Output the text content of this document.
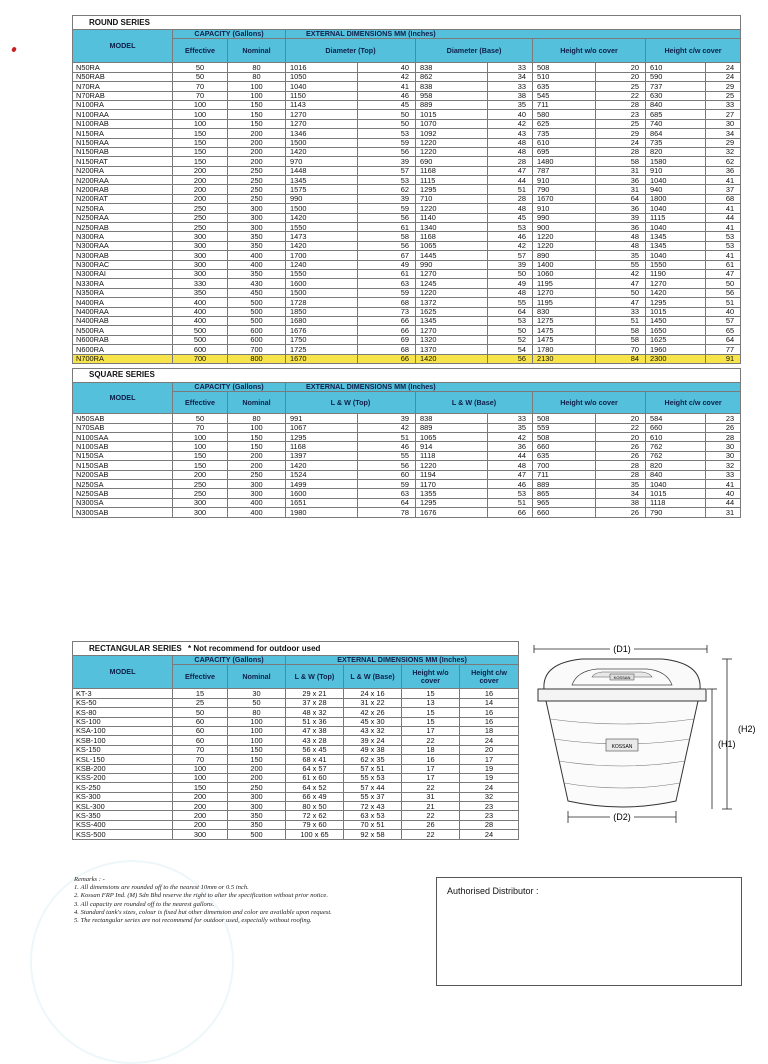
ROUND SERIES										
MODEL	CAPACITY (Gallons)		EXTERNAL DIMENSIONS MM (Inches)							
	Effective	Nominal	Diameter (Top)		Diameter (Base)		Height w/o cover		Height c/w cover	
N50RA	50	80	1016	40	838	33	508	20	610	24
N50RAB	50	80	1050	42	862	34	510	20	590	24
N70RA	70	100	1040	41	838	33	635	25	737	29
N70RAB	70	100	1150	46	958	38	545	22	630	25
N100RA	100	150	1143	45	889	35	711	28	840	33
N100RAA	100	150	1270	50	1015	40	580	23	685	27
N100RAB	100	150	1270	50	1070	42	625	25	740	30
N150RA	150	200	1346	53	1092	43	735	29	864	34
N150RAA	150	200	1500	59	1220	48	610	24	735	29
N150RAB	150	200	1420	56	1220	48	695	28	820	32
N150RAT	150	200	970	39	690	28	1480	58	1580	62
N200RA	200	250	1448	57	1168	47	787	31	910	36
N200RAA	200	250	1345	53	1115	44	910	36	1040	41
N200RAB	200	250	1575	62	1295	51	790	31	940	37
N200RAT	200	250	990	39	710	28	1670	64	1800	68
N250RA	250	300	1500	59	1220	48	910	36	1040	41
N250RAA	250	300	1420	56	1140	45	990	39	1115	44
N250RAB	250	300	1550	61	1340	53	900	36	1040	41
N300RA	300	350	1473	58	1168	46	1220	48	1345	53
N300RAA	300	350	1420	56	1065	42	1220	48	1345	53
N300RAB	300	400	1700	67	1445	57	890	35	1040	41
N300RAC	300	400	1240	49	990	39	1400	55	1550	61
N300RAI	300	350	1550	61	1270	50	1060	42	1190	47
N330RA	330	430	1600	63	1245	49	1195	47	1270	50
N350RA	350	450	1500	59	1220	48	1270	50	1420	56
N400RA	400	500	1728	68	1372	55	1195	47	1295	51
N400RAA	400	500	1850	73	1625	64	830	33	1015	40
N400RAB	400	500	1680	66	1345	53	1275	51	1450	57
N500RA	500	600	1676	66	1270	50	1475	58	1650	65
N600RAB	500	600	1750	69	1320	52	1475	58	1625	64
N600RA	600	700	1725	68	1370	54	1780	70	1960	77
N700RA	700	800	1670	66	1420	56	2130	84	2300	91
SQUARE SERIES										
MODEL	CAPACITY (Gallons)		EXTERNAL DIMENSIONS MM (Inches)							
	Effective	Nominal	L & W (Top)		L & W (Base)		Height w/o cover		Height c/w cover	
N50SAB	50	80	991	39	838	33	508	20	584	23
N70SAB	70	100	1067	42	889	35	559	22	660	26
N100SAA	100	150	1295	51	1065	42	508	20	610	28
N100SAB	100	150	1168	46	914	36	660	26	762	30
N150SA	150	200	1397	55	1118	44	635	26	762	30
N150SAB	150	200	1420	56	1220	48	700	28	820	32
N200SAB	200	250	1524	60	1194	47	711	28	840	33
N250SA	250	300	1499	59	1170	46	889	35	1040	41
N250SAB	250	300	1600	63	1355	53	865	34	1015	40
N300SA	300	400	1651	64	1295	51	965	38	1118	44
N300SAB	300	400	1980	78	1676	66	660	26	790	31
RECTANGULAR SERIES * Not recommend for outdoor used						
MODEL	CAPACITY (Gallons)		EXTERNAL DIMENSIONS MM (Inches)			
	Effective	Nominal	L & W (Top)	L & W (Base)	Height w/o cover	Height c/w cover
KT-3	15	30	29 x 21	24 x 16	15	16
KS-50	25	50	37 x 28	31 x 22	13	14
KS-80	50	80	48 x 32	42 x 26	15	16
KS-100	60	100	51 x 36	45 x 30	15	16
KSA-100	60	100	47 x 38	43 x 32	17	18
KSB-100	60	100	43 x 28	39 x 24	22	24
KS-150	70	150	56 x 45	49 x 38	18	20
KSL-150	70	150	68 x 41	62 x 35	16	17
KSB-200	100	200	64 x 57	57 x 51	17	19
KSS-200	100	200	61 x 60	55 x 53	17	19
KS-250	150	250	64 x 52	57 x 44	22	24
KS-300	200	300	66 x 49	55 x 37	31	32
KSL-300	200	300	80 x 50	72 x 43	21	23
KS-350	200	350	72 x 62	63 x 53	22	23
KSS-400	200	350	79 x 60	70 x 51	26	28
KSS-500	300	500	100 x 65	92 x 58	22	24
(D1)
KOSSAN
KOSSAN
(D2)
(H2)
(H1)
Remarks : -
1. All dimensions are rounded off to the nearest 10mm or 0.5 inch.
2. Kossan FRP Ind. (M) Sdn Bhd reserve the right to alter the specification without prior notice.
3. All capacity are rounded off to the nearest gallons.
4. Standard tank's sizes, colour is fixed but other dimension and color are available upon request.
5. The rectangular series are not recommend for outdoor used, especially without roofing.
Authorised Distributor :
